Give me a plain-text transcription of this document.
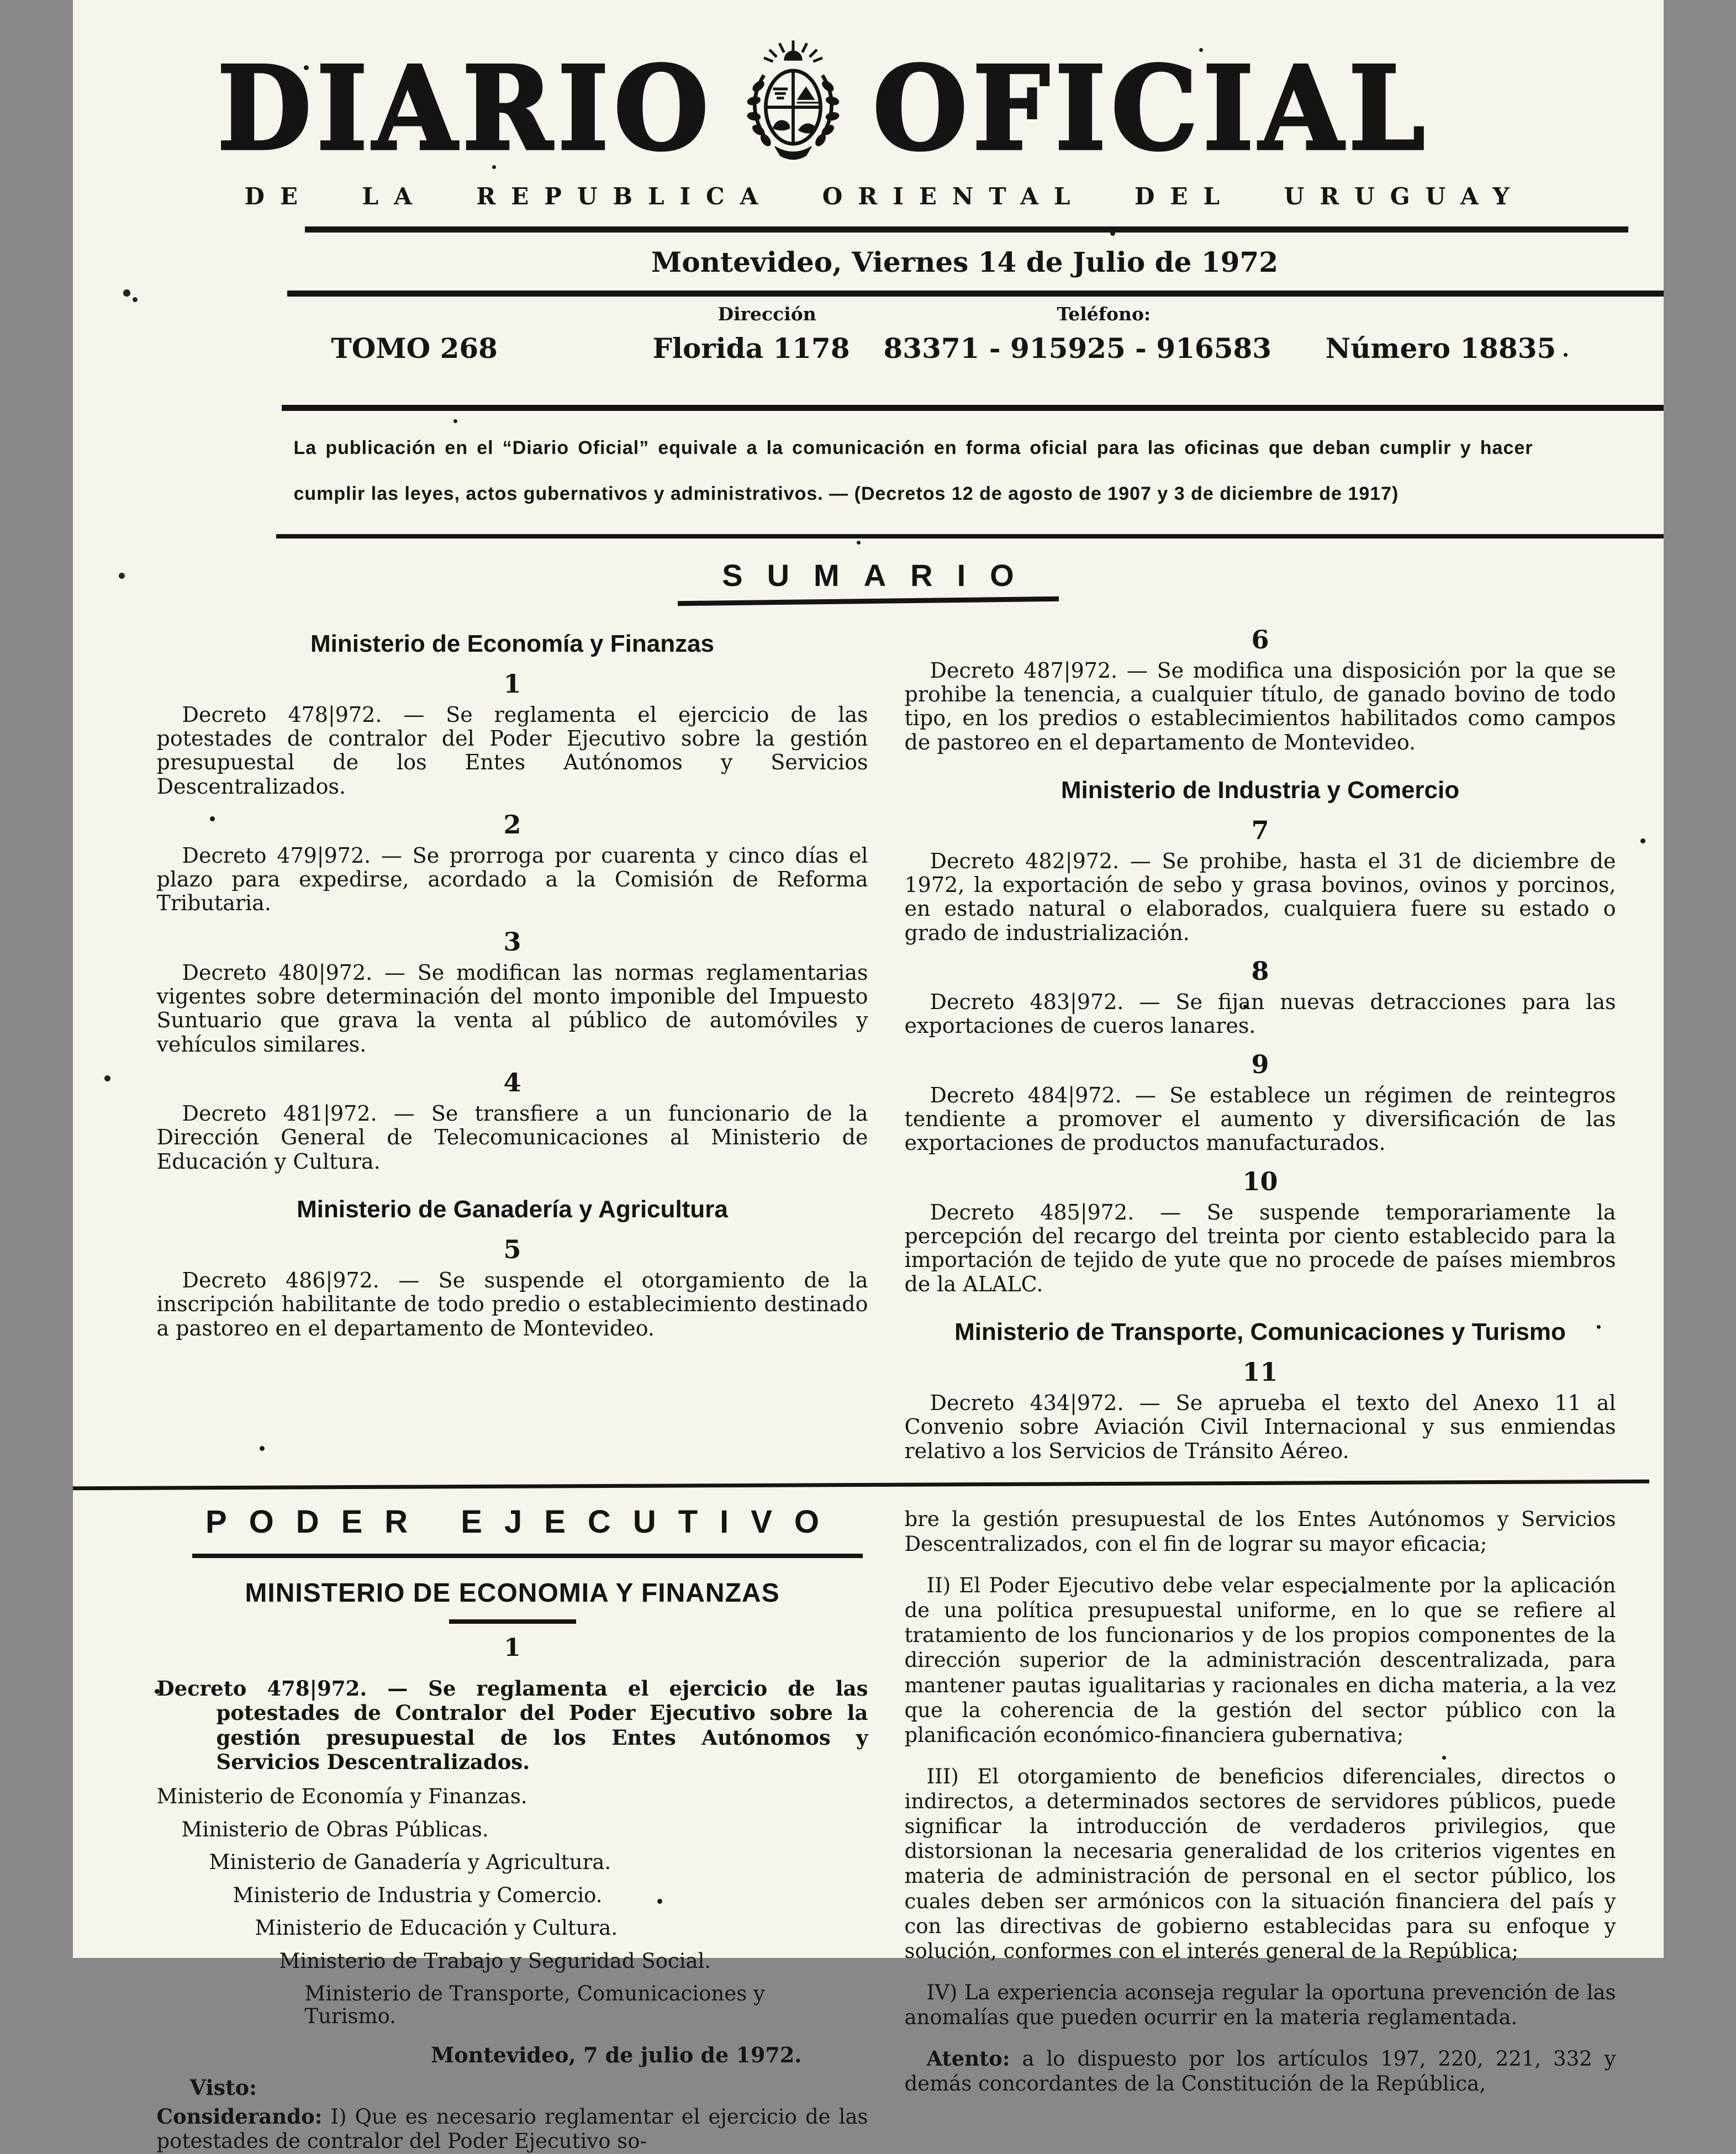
DIARIO OFICIAL
DE LA REPUBLICA ORIENTAL DEL URUGUAY
Montevideo, Viernes 14 de Julio de 1972
Dirección	Teléfono:
TOMO 268	Florida 1178 83371 - 915925 - 916583 Número 18835

La publicación en el “Diario Oficial” equivale a la comunicación en forma oficial para las oficinas que deban cumplir y hacer cumplir las leyes, actos gubernativos y administrativos. — (Decretos 12 de agosto de 1907 y 3 de diciembre de 1917)

SUMARIO
Ministerio de Economía y Finanzas
1

Decreto 478|972. — Se reglamenta el ejercicio de las potestades de contralor del Poder Ejecutivo sobre la gestión presupuestal de los Entes Autónomos y Servicios Descentralizados.

2

Decreto 479|972. — Se prorroga por cuarenta y cinco días el plazo para expedirse, acordado a la Comisión de Reforma Tributaria.

3

Decreto 480|972. — Se modifican las normas reglamentarias vigentes sobre determinación del monto imponible del Impuesto Suntuario que grava la venta al público de automóviles y vehículos similares.

4

Decreto 481|972. — Se transfiere a un funcionario de la Dirección General de Telecomunicaciones al Ministerio de Educación y Cultura.

Ministerio de Ganadería y Agricultura
5

Decreto 486|972. — Se suspende el otorgamiento de la inscripción habilitante de todo predio o establecimiento destinado a pastoreo en el departamento de Montevideo.

6

Decreto 487|972. — Se modifica una disposición por la que se prohibe la tenencia, a cualquier título, de ganado bovino de todo tipo, en los predios o establecimientos habilitados como campos de pastoreo en el departamento de Montevideo.

Ministerio de Industria y Comercio
7

Decreto 482|972. — Se prohibe, hasta el 31 de diciembre de 1972, la exportación de sebo y grasa bovinos, ovinos y porcinos, en estado natural o elaborados, cualquiera fuere su estado o grado de industrialización.

8

Decreto 483|972. — Se fijan nuevas detracciones para las exportaciones de cueros lanares.

9

Decreto 484|972. — Se establece un régimen de reintegros tendiente a promover el aumento y diversificación de las exportaciones de productos manufacturados.

10

Decreto 485|972. — Se suspende temporariamente la percepción del recargo del treinta por ciento establecido para la importación de tejido de yute que no procede de países miembros de la ALALC.

Ministerio de Transporte, Comunicaciones y Turismo
11

Decreto 434|972. — Se aprueba el texto del Anexo 11 al Convenio sobre Aviación Civil Internacional y sus enmiendas relativo a los Servicios de Tránsito Aéreo.

PODER EJECUTIVO
MINISTERIO DE ECONOMIA Y FINANZAS
1

Decreto 478|972. — Se reglamenta el ejercicio de las potestades de Contralor del Poder Ejecutivo sobre la gestión presupuestal de los Entes Autónomos y Servicios Descentralizados.

Ministerio de Economía y Finanzas.
Ministerio de Obras Públicas.
Ministerio de Ganadería y Agricultura.
Ministerio de Industria y Comercio.
Ministerio de Educación y Cultura.
Ministerio de Trabajo y Seguridad Social.
Ministerio de Transporte, Comunicaciones y Turismo.
Montevideo, 7 de julio de 1972.
Visto:

Considerando: I) Que es necesario reglamentar el ejercicio de las potestades de contralor del Poder Ejecutivo so-

bre la gestión presupuestal de los Entes Autónomos y Servicios Descentralizados, con el fin de lograr su mayor eficacia;

II) El Poder Ejecutivo debe velar especialmente por la aplicación de una política presupuestal uniforme, en lo que se refiere al tratamiento de los funcionarios y de los propios componentes de la dirección superior de la administración descentralizada, para mantener pautas igualitarias y racionales en dicha materia, a la vez que la coherencia de la gestión del sector público con la planificación económico-financiera gubernativa;

III) El otorgamiento de beneficios diferenciales, directos o indirectos, a determinados sectores de servidores públicos, puede significar la introducción de verdaderos privilegios, que distorsionan la necesaria generalidad de los criterios vigentes en materia de administración de personal en el sector público, los cuales deben ser armónicos con la situación financiera del país y con las directivas de gobierno establecidas para su enfoque y solución, conformes con el interés general de la República;

IV) La experiencia aconseja regular la oportuna prevención de las anomalías que pueden ocurrir en la materia reglamentada.

Atento: a lo dispuesto por los artículos 197, 220, 221, 332 y demás concordantes de la Constitución de la República,
